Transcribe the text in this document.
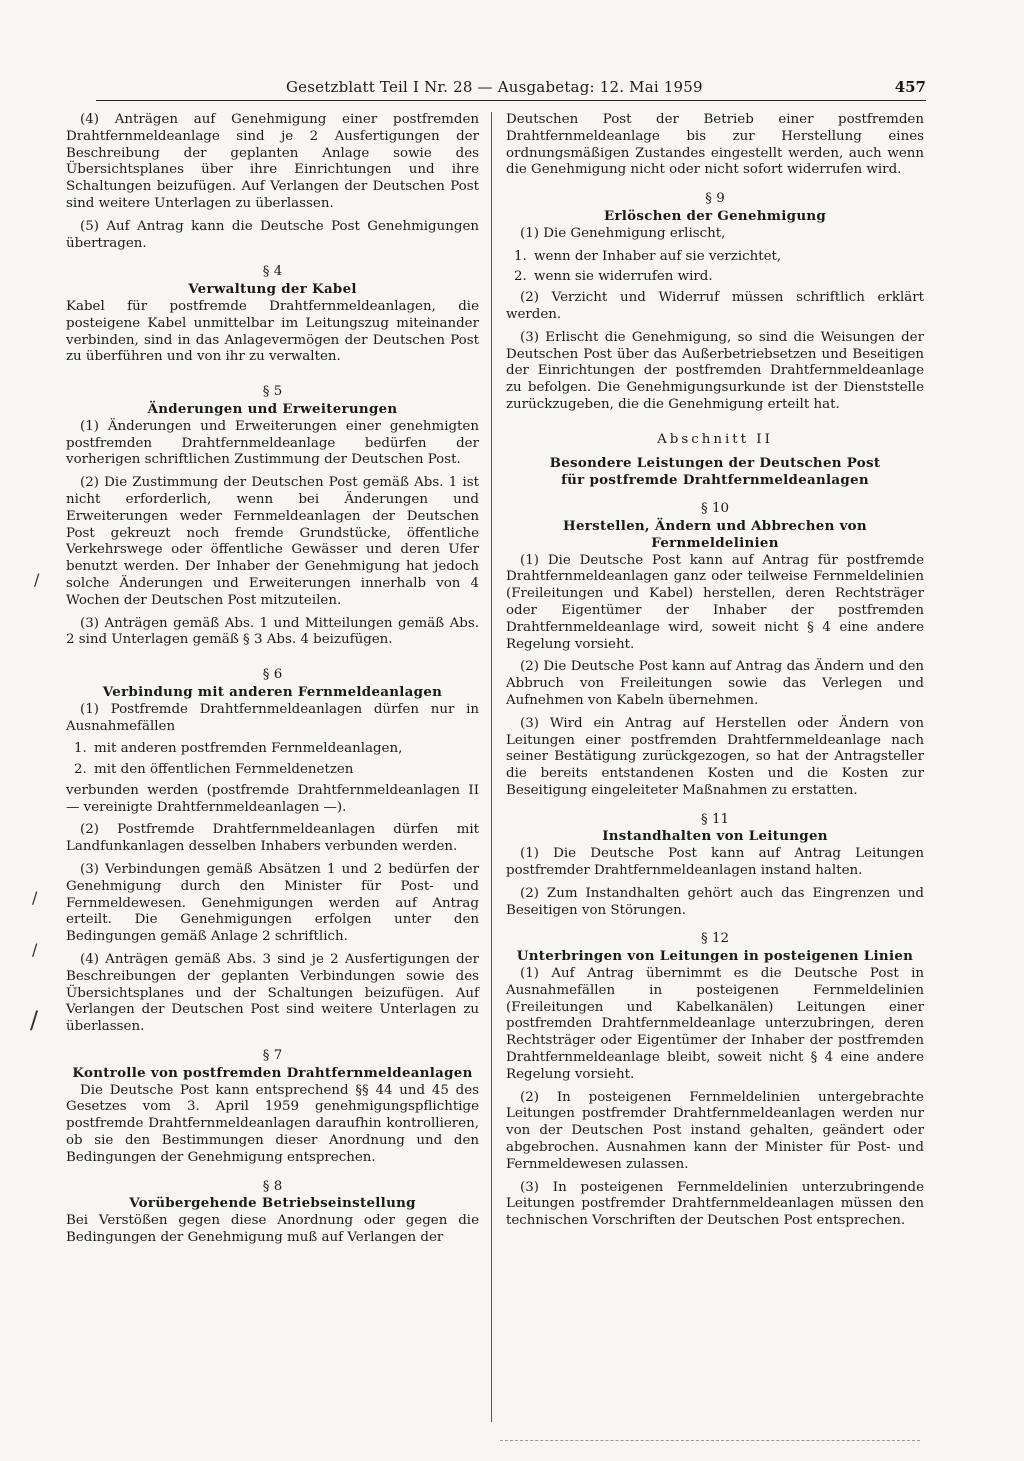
Gesetzblatt Teil I Nr. 28 — Ausgabetag: 12. Mai 1959	457
/
/
/
/

(4) Anträgen auf Genehmigung einer postfremden Drahtfernmeldeanlage sind je 2 Ausfertigungen der Beschreibung der geplanten Anlage sowie des Übersichtsplanes über ihre Einrichtungen und ihre Schaltungen beizufügen. Auf Verlangen der Deutschen Post sind weitere Unterlagen zu überlassen.

(5) Auf Antrag kann die Deutsche Post Genehmigungen übertragen.

§ 4

Verwaltung der Kabel

Kabel für postfremde Drahtfernmeldeanlagen, die posteigene Kabel unmittelbar im Leitungszug miteinander verbinden, sind in das Anlagevermögen der Deutschen Post zu überführen und von ihr zu verwalten.

§ 5

Änderungen und Erweiterungen

(1) Änderungen und Erweiterungen einer genehmigten postfremden Drahtfernmeldeanlage bedürfen der vorherigen schriftlichen Zustimmung der Deutschen Post.

(2) Die Zustimmung der Deutschen Post gemäß Abs. 1 ist nicht erforderlich, wenn bei Änderungen und Erweiterungen weder Fernmeldeanlagen der Deutschen Post gekreuzt noch fremde Grundstücke, öffentliche Verkehrswege oder öffentliche Gewässer und deren Ufer benutzt werden. Der Inhaber der Genehmigung hat jedoch solche Änderungen und Erweiterungen innerhalb von 4 Wochen der Deutschen Post mitzuteilen.

(3) Anträgen gemäß Abs. 1 und Mitteilungen gemäß Abs. 2 sind Unterlagen gemäß § 3 Abs. 4 beizufügen.

§ 6

Verbindung mit anderen Fernmeldeanlagen

(1) Postfremde Drahtfernmeldeanlagen dürfen nur in Ausnahmefällen

1. mit anderen postfremden Fernmeldeanlagen,

2. mit den öffentlichen Fernmeldenetzen

verbunden werden (postfremde Drahtfernmeldeanlagen II — vereinigte Drahtfernmeldeanlagen —).

(2) Postfremde Drahtfernmeldeanlagen dürfen mit Landfunkanlagen desselben Inhabers verbunden werden.

(3) Verbindungen gemäß Absätzen 1 und 2 bedürfen der Genehmigung durch den Minister für Post- und Fernmeldewesen. Genehmigungen werden auf Antrag erteilt. Die Genehmigungen erfolgen unter den Bedingungen gemäß Anlage 2 schriftlich.

(4) Anträgen gemäß Abs. 3 sind je 2 Ausfertigungen der Beschreibungen der geplanten Verbindungen sowie des Übersichtsplanes und der Schaltungen beizufügen. Auf Verlangen der Deutschen Post sind weitere Unterlagen zu überlassen.

§ 7

Kontrolle von postfremden Drahtfernmeldeanlagen

Die Deutsche Post kann entsprechend §§ 44 und 45 des Gesetzes vom 3. April 1959 genehmigungspflichtige postfremde Drahtfernmeldeanlagen daraufhin kontrollieren, ob sie den Bestimmungen dieser Anordnung und den Bedingungen der Genehmigung entsprechen.

§ 8

Vorübergehende Betriebseinstellung

Bei Verstößen gegen diese Anordnung oder gegen die Bedingungen der Genehmigung muß auf Verlangen der

Deutschen Post der Betrieb einer postfremden Drahtfernmeldeanlage bis zur Herstellung eines ordnungsmäßigen Zustandes eingestellt werden, auch wenn die Genehmigung nicht oder nicht sofort widerrufen wird.

§ 9

Erlöschen der Genehmigung

(1) Die Genehmigung erlischt,

1. wenn der Inhaber auf sie verzichtet,

2. wenn sie widerrufen wird.

(2) Verzicht und Widerruf müssen schriftlich erklärt werden.

(3) Erlischt die Genehmigung, so sind die Weisungen der Deutschen Post über das Außerbetriebsetzen und Beseitigen der Einrichtungen der postfremden Drahtfernmeldeanlage zu befolgen. Die Genehmigungsurkunde ist der Dienststelle zurückzugeben, die die Genehmigung erteilt hat.

Abschnitt II

Besondere Leistungen der Deutschen Post

für postfremde Drahtfernmeldeanlagen

§ 10

Herstellen, Ändern und Abbrechen von Fernmeldelinien

(1) Die Deutsche Post kann auf Antrag für postfremde Drahtfernmeldeanlagen ganz oder teilweise Fernmeldelinien (Freileitungen und Kabel) herstellen, deren Rechtsträger oder Eigentümer der Inhaber der postfremden Drahtfernmeldeanlage wird, soweit nicht § 4 eine andere Regelung vorsieht.

(2) Die Deutsche Post kann auf Antrag das Ändern und den Abbruch von Freileitungen sowie das Verlegen und Aufnehmen von Kabeln übernehmen.

(3) Wird ein Antrag auf Herstellen oder Ändern von Leitungen einer postfremden Drahtfernmeldeanlage nach seiner Bestätigung zurückgezogen, so hat der Antragsteller die bereits entstandenen Kosten und die Kosten zur Beseitigung eingeleiteter Maßnahmen zu erstatten.

§ 11

Instandhalten von Leitungen

(1) Die Deutsche Post kann auf Antrag Leitungen postfremder Drahtfernmeldeanlagen instand halten.

(2) Zum Instandhalten gehört auch das Eingrenzen und Beseitigen von Störungen.

§ 12

Unterbringen von Leitungen in posteigenen Linien

(1) Auf Antrag übernimmt es die Deutsche Post in Ausnahmefällen in posteigenen Fernmeldelinien (Freileitungen und Kabelkanälen) Leitungen einer postfremden Drahtfernmeldeanlage unterzubringen, deren Rechtsträger oder Eigentümer der Inhaber der postfremden Drahtfernmeldeanlage bleibt, soweit nicht § 4 eine andere Regelung vorsieht.

(2) In posteigenen Fernmeldelinien untergebrachte Leitungen postfremder Drahtfernmeldeanlagen werden nur von der Deutschen Post instand gehalten, geändert oder abgebrochen. Ausnahmen kann der Minister für Post- und Fernmeldewesen zulassen.

(3) In posteigenen Fernmeldelinien unterzubringende Leitungen postfremder Drahtfernmeldeanlagen müssen den technischen Vorschriften der Deutschen Post entsprechen.
